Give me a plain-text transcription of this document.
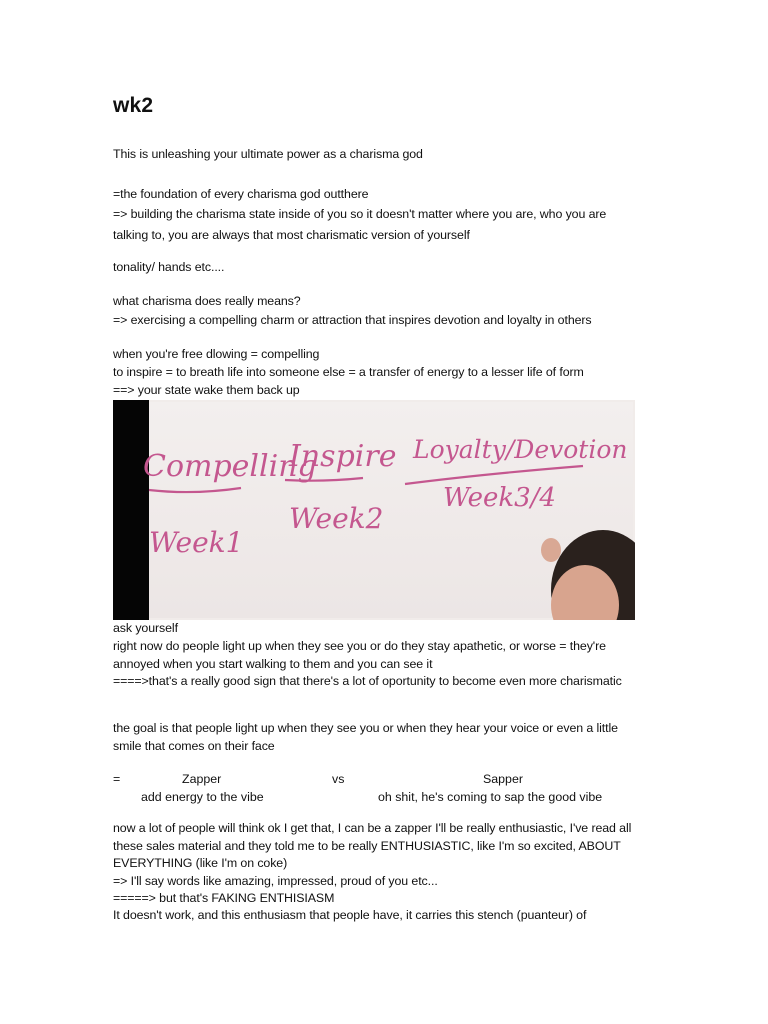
wk2
This is unleashing your ultimate power as a charisma god
=the foundation of every charisma god outthere
=> building the charisma state inside of you so it doesn't matter where you are, who you are
talking to, you are always that most charismatic version of yourself
tonality/ hands etc....
what charisma does really means?
=> exercising a compelling charm or attraction that inspires devotion and loyalty in others
when you're free dlowing = compelling
to inspire = to breath life into someone else = a transfer of energy to a lesser life of form
==> your state wake them back up
ask yourself
right now do people light up when they see you or do they stay apathetic, or worse = they're
annoyed when you start walking to them and you can see it
====>that's a really good sign that there's a lot of oportunity to become even more charismatic
the goal is that people light up when they see you or when they hear your voice or even a little
smile that comes on their face
now a lot of people will think ok I get that, I can be a zapper I'll be really enthusiastic, I've read all
these sales material and they told me to be really ENTHUSIASTIC, like I'm so excited, ABOUT
EVERYTHING (like I'm on coke)
=> I'll say words like amazing, impressed, proud of you etc...
=====> but that's FAKING ENTHISIASM
It doesn't work, and this enthusiasm that people have, it carries this stench (puanteur) of
=	Zapper	vs	Sapper
add energy to the vibe	oh shit, he's coming to sap the good vibe
Compelling
Inspire Loyalty/Devotion
Week1
Week2
Week3/4
